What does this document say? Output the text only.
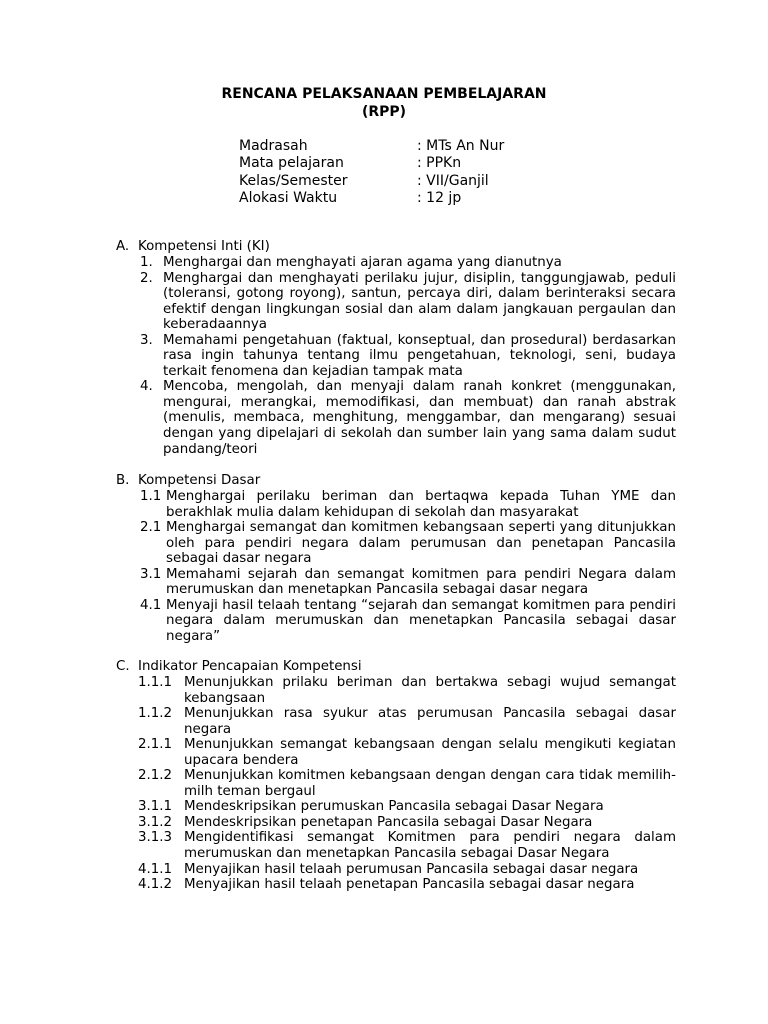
RENCANA PELAKSANAAN PEMBELAJARAN
(RPP)
Madrasah	: MTs An Nur
Mata pelajaran	: PPKn
Kelas/Semester	: VII/Ganjil
Alokasi Waktu	: 12 jp
A. Kompetensi Inti (KI)
1. Menghargai dan menghayati ajaran agama yang dianutnya
2. Menghargai dan menghayati perilaku jujur, disiplin, tanggungjawab, peduli (toleransi, gotong royong), santun, percaya diri, dalam berinteraksi secara efektif dengan lingkungan sosial dan alam dalam jangkauan pergaulan dan keberadaannya
3. Memahami pengetahuan (faktual, konseptual, dan prosedural) berdasarkan rasa ingin tahunya tentang ilmu pengetahuan, teknologi, seni, budaya terkait fenomena dan kejadian tampak mata
4. Mencoba, mengolah, dan menyaji dalam ranah konkret (menggunakan, mengurai, merangkai, memodifikasi, dan membuat) dan ranah abstrak (menulis, membaca, menghitung, menggambar, dan mengarang) sesuai dengan yang dipelajari di sekolah dan sumber lain yang sama dalam sudut pandang/teori
B. Kompetensi Dasar
1.1 Menghargai perilaku beriman dan bertaqwa kepada Tuhan YME dan berakhlak mulia dalam kehidupan di sekolah dan masyarakat
2.1 Menghargai semangat dan komitmen kebangsaan seperti yang ditunjukkan oleh para pendiri negara dalam perumusan dan penetapan Pancasila sebagai dasar negara
3.1 Memahami sejarah dan semangat komitmen para pendiri Negara dalam merumuskan dan menetapkan Pancasila sebagai dasar negara
4.1 Menyaji hasil telaah tentang “sejarah dan semangat komitmen para pendiri negara dalam merumuskan dan menetapkan Pancasila sebagai dasar negara”
C. Indikator Pencapaian Kompetensi
1.1.1 Menunjukkan prilaku beriman dan bertakwa sebagi wujud semangat kebangsaan
1.1.2 Menunjukkan rasa syukur atas perumusan Pancasila sebagai dasar negara
2.1.1 Menunjukkan semangat kebangsaan dengan selalu mengikuti kegiatan upacara bendera
2.1.2 Menunjukkan komitmen kebangsaan dengan dengan cara tidak memilih-milh teman bergaul
3.1.1 Mendeskripsikan perumuskan Pancasila sebagai Dasar Negara
3.1.2 Mendeskripsikan penetapan Pancasila sebagai Dasar Negara
3.1.3 Mengidentifikasi semangat Komitmen para pendiri negara dalam merumuskan dan menetapkan Pancasila sebagai Dasar Negara
4.1.1 Menyajikan hasil telaah perumusan Pancasila sebagai dasar negara
4.1.2 Menyajikan hasil telaah penetapan Pancasila sebagai dasar negara
